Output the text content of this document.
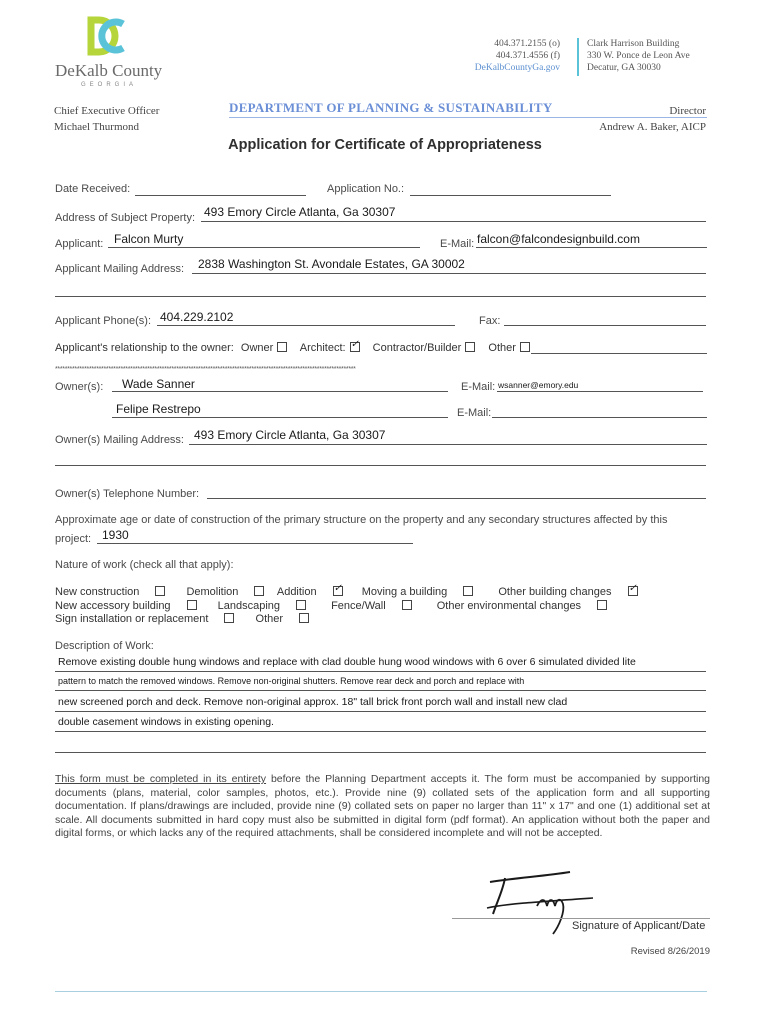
DeKalb County
GEORGIA
404.371.2155 (o)
404.371.4556 (f)
DeKalbCountyGa.gov
Clark Harrison Building
330 W. Ponce de Leon Ave
Decatur, GA 30030
Chief Executive Officer
Michael Thurmond
DEPARTMENT OF PLANNING & SUSTAINABILITY	Director
Andrew A. Baker, AICP
Application for Certificate of Appropriateness
Date Received:	Application No.:
Address of Subject Property: 493 Emory Circle Atlanta, Ga 30307
Applicant: Falcon Murty	E-Mail: falcon@falcondesignbuild.com
Applicant Mailing Address: 2838 Washington St. Avondale Estates, GA 30002
Applicant Phone(s): 404.229.2102	Fax:
Applicant's relationship to the owner: Owner Architect: ✓ Contractor/Builder Other
****************************************************************************************************************************
Owner(s): Wade Sanner	E-Mail: wsanner@emory.edu
Felipe Restrepo	E-Mail:
Owner(s) Mailing Address: 493 Emory Circle Atlanta, Ga 30307
Owner(s) Telephone Number:
Approximate age or date of construction of the primary structure on the property and any secondary structures affected by this
project: 1930
Nature of work (check all that apply):
New construction	Demolition	Addition ✓	Moving a building	Other building changes✓
New accessory building	Landscaping	Fence/Wall	Other environmental changes
Sign installation or replacement	Other
Description of Work:
Remove existing double hung windows and replace with clad double hung wood windows with 6 over 6 simulated divided lite
pattern to match the removed windows. Remove non-original shutters. Remove rear deck and porch and replace with
new screened porch and deck. Remove non-original approx. 18" tall brick front porch wall and install new clad
double casement windows in existing opening.
This form must be completed in its entirety before the Planning Department accepts it. The form must be accompanied by supporting documents (plans, material, color samples, photos, etc.). Provide nine (9) collated sets of the application form and all supporting documentation. If plans/drawings are included, provide nine (9) collated sets on paper no larger than 11" x 17" and one (1) additional set at scale. All documents submitted in hard copy must also be submitted in digital form (pdf format). An application without both the paper and digital forms, or which lacks any of the required attachments, shall be considered incomplete and will not be accepted.
Signature of Applicant/Date
Revised 8/26/2019
